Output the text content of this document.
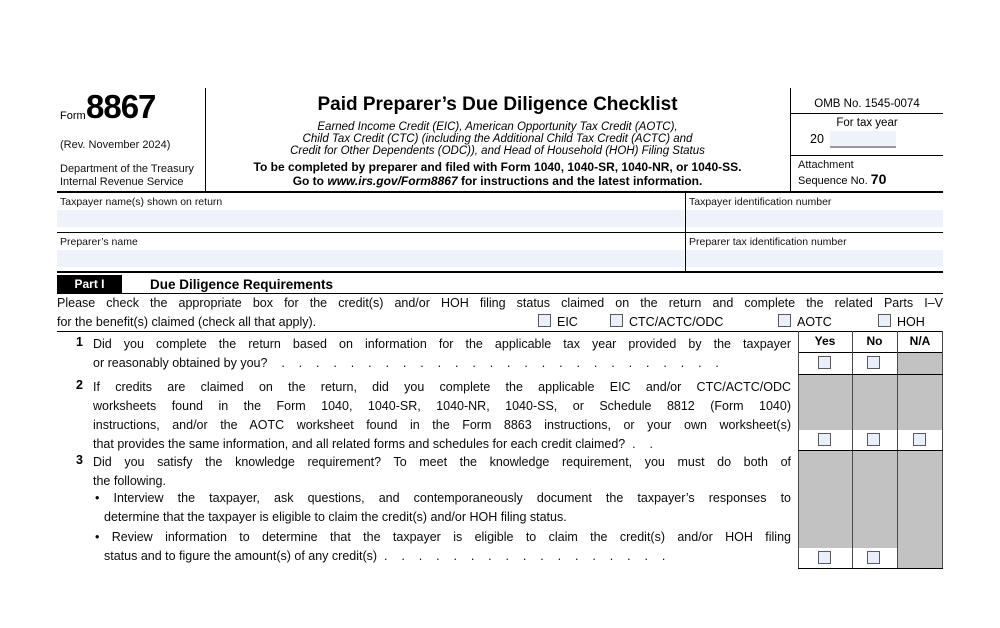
Form 8867
(Rev. November 2024)
Department of the Treasury
Internal Revenue Service
Paid Preparer’s Due Diligence Checklist
Earned Income Credit (EIC), American Opportunity Tax Credit (AOTC),
Child Tax Credit (CTC) (including the Additional Child Tax Credit (ACTC) and
Credit for Other Dependents (ODC)), and Head of Household (HOH) Filing Status
To be completed by preparer and filed with Form 1040, 1040-SR, 1040-NR, or 1040-SS.
Go to www.irs.gov/Form8867 for instructions and the latest information.
OMB No. 1545-0074
For tax year
20
Attachment
Sequence No. 70
Taxpayer name(s) shown on return	Taxpayer identification number
Preparer’s name	Preparer tax identification number
Part I	Due Diligence Requirements
Please check the appropriate box for the credit(s) and/or HOH filing status claimed on the return and complete the related Parts I–V
for the benefit(s) claimed (check all that apply).	EIC	CTC/ACTC/ODC	AOTC	HOH
Yes	No	N/A
1 Did you complete the return based on information for the applicable tax year provided by the taxpayer
or reasonably obtained by you?    .    .    .    .    .    .    .    .    .    .    .    .    .    .    .    .    .    .    .    .    .    .    .    .    .    .
2 If credits are claimed on the return, did you complete the applicable EIC and/or CTC/ACTC/ODC
worksheets found in the Form 1040, 1040-SR, 1040-NR, 1040-SS, or Schedule 8812 (Form 1040)
instructions, and/or the AOTC worksheet found in the Form 8863 instructions, or your own worksheet(s)
that provides the same information, and all related forms and schedules for each credit claimed?  .    .
3 Did you satisfy the knowledge requirement? To meet the knowledge requirement, you must do both of
the following.
• Interview the taxpayer, ask questions, and contemporaneously document the taxpayer’s responses to
determine that the taxpayer is eligible to claim the credit(s) and/or HOH filing status.
• Review information to determine that the taxpayer is eligible to claim the credit(s) and/or HOH filing
status and to figure the amount(s) of any credit(s)  .    .    .    .    .    .    .    .    .    .    .    .    .    .    .    .    .
